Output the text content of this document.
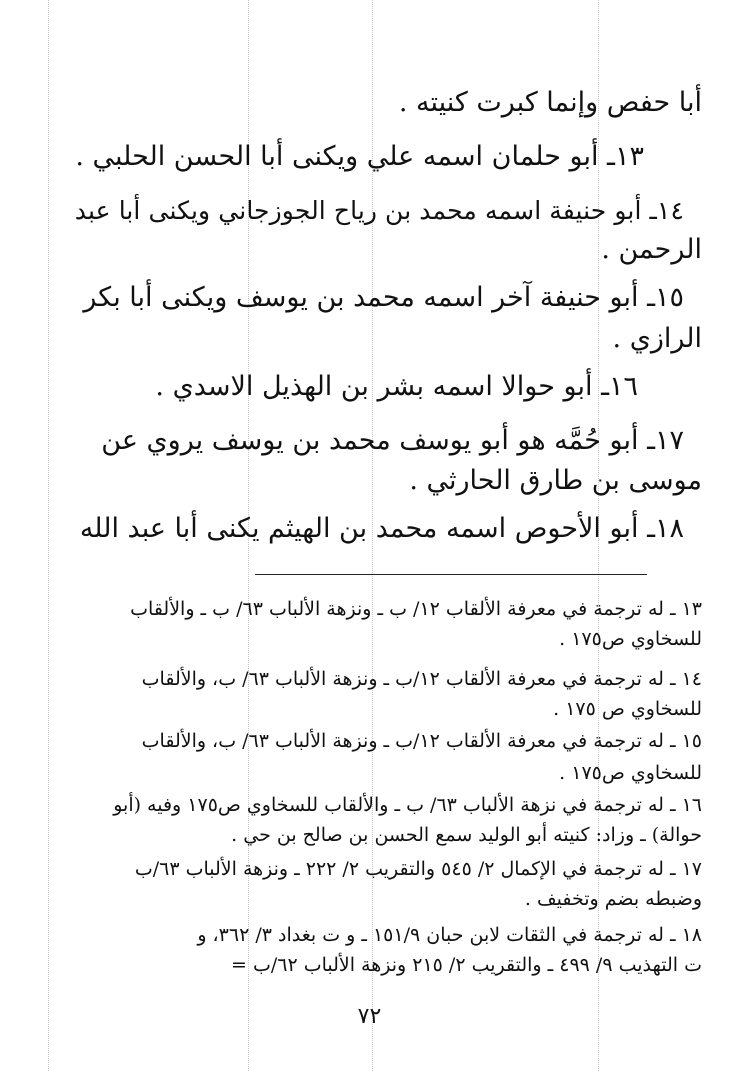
أبا حفص وإنما كبرت كنيته .
١٣ـ أبو حلمان اسمه علي ويكنى أبا الحسن الحلبي .
١٤ـ أبو حنيفة اسمه محمد بن رياح الجوزجاني ويكنى أبا عبد
الرحمن .
١٥ـ أبو حنيفة آخر اسمه محمد بن يوسف ويكنى أبا بكر
الرازي .
١٦ـ أبو حوالا اسمه بشر بن الهذيل الاسدي .
١٧ـ أبو حُمَّه هو أبو يوسف محمد بن يوسف يروي عن
موسى بن طارق الحارثي .
١٨ـ أبو الأحوص اسمه محمد بن الهيثم يكنى أبا عبد الله
١٣ ـ له ترجمة في معرفة الألقاب ١٢/ ب ـ ونزهة الألباب ٦٣/ ب ـ والألقاب
للسخاوي ص١٧٥ .
١٤ ـ له ترجمة في معرفة الألقاب ١٢/ب ـ ونزهة الألباب ٦٣/ ب، والألقاب
للسخاوي ص ١٧٥ .
١٥ ـ له ترجمة في معرفة الألقاب ١٢/ب ـ ونزهة الألباب ٦٣/ ب، والألقاب
للسخاوي ص١٧٥ .
١٦ ـ له ترجمة في نزهة الألباب ٦٣/ ب ـ والألقاب للسخاوي ص١٧٥ وفيه (أبو
حوالة) ـ وزاد: كنيته أبو الوليد سمع الحسن بن صالح بن حي .
١٧ ـ له ترجمة في الإكمال ٢/ ٥٤٥ والتقريب ٢/ ٢٢٢ ـ ونزهة الألباب ٦٣/ب
وضبطه بضم وتخفيف .
١٨ ـ له ترجمة في الثقات لابن حبان ١٥١/٩ ـ و ت بغداد ٣/ ٣٦٢، و
ت التهذيب ٩/ ٤٩٩ ـ والتقريب ٢/ ٢١٥ ونزهة الألباب ٦٢/ب =
٧٢
